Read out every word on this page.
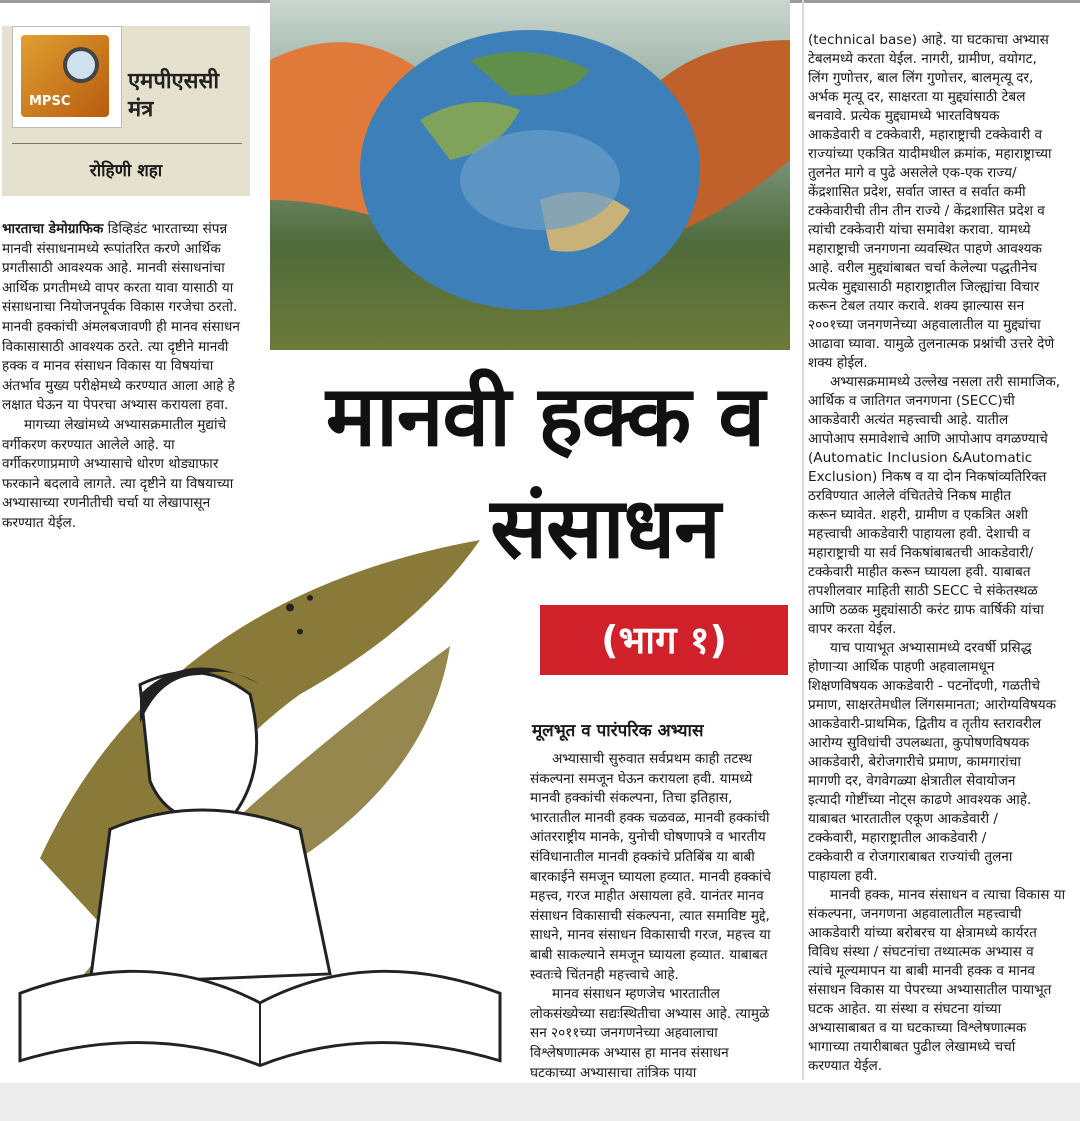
एमपीएससी मंत्र
रोहिणी शहा
MPSC
मानवी हक्क व
संसाधन
(भाग १)
भारताचा डेमोग्राफिक डिव्हिडंट भारताच्या संपन्न
मानवी संसाधनामध्ये रूपांतरित करणे आर्थिक
प्रगतीसाठी आवश्यक आहे. मानवी संसाधनांचा
आर्थिक प्रगतीमध्ये वापर करता यावा यासाठी या
संसाधनाचा नियोजनपूर्वक विकास गरजेचा ठरतो.
मानवी हक्कांची अंमलबजावणी ही मानव संसाधन
विकासासाठी आवश्यक ठरते. त्या दृष्टीने मानवी
हक्क व मानव संसाधन विकास या विषयांचा
अंतर्भाव मुख्य परीक्षेमध्ये करण्यात आला आहे हे
लक्षात घेऊन या पेपरचा अभ्यास करायला हवा.
मागच्या लेखांमध्ये अभ्यासक्रमातील मुद्यांचे
वर्गीकरण करण्यात आलेले आहे. या
वर्गीकरणाप्रमाणे अभ्यासाचे धोरण थोड्याफार
फरकाने बदलावे लागते. त्या दृष्टीने या विषयाच्या
अभ्यासाच्या रणनीतीची चर्चा या लेखापासून
करण्यात येईल.
मूलभूत व पारंपरिक अभ्यास
अभ्यासाची सुरुवात सर्वप्रथम काही तटस्थ
संकल्पना समजून घेऊन करायला हवी. यामध्ये
मानवी हक्कांची संकल्पना, तिचा इतिहास,
भारतातील मानवी हक्क चळवळ, मानवी हक्कांची
आंतरराष्ट्रीय मानके, युनोची घोषणापत्रे व भारतीय
संविधानातील मानवी हक्कांचे प्रतिबिंब या बाबी
बारकाईने समजून घ्यायला हव्यात. मानवी हक्कांचे
महत्त्व, गरज माहीत असायला हवे. यानंतर मानव
संसाधन विकासाची संकल्पना, त्यात समाविष्ट मुद्दे,
साधने, मानव संसाधन विकासाची गरज, महत्त्व या
बाबी साकल्याने समजून घ्यायला हव्यात. याबाबत
स्वतःचे चिंतनही महत्त्वाचे आहे.
मानव संसाधन म्हणजेच भारतातील
लोकसंख्येच्या सद्यःस्थितीचा अभ्यास आहे. त्यामुळे
सन २०११च्या जनगणनेच्या अहवालाचा
विश्लेषणात्मक अभ्यास हा मानव संसाधन
घटकाच्या अभ्यासाचा तांत्रिक पाया
(technical base) आहे. या घटकाचा अभ्यास
टेबलमध्ये करता येईल. नागरी, ग्रामीण, वयोगट,
लिंग गुणोत्तर, बाल लिंग गुणोत्तर, बालमृत्यू दर,
अर्भक मृत्यू दर, साक्षरता या मुद्द्यांसाठी टेबल
बनवावे. प्रत्येक मुद्द्यामध्ये भारतविषयक
आकडेवारी व टक्केवारी, महाराष्ट्राची टक्केवारी व
राज्यांच्या एकत्रित यादीमधील क्रमांक, महाराष्ट्राच्या
तुलनेत मागे व पुढे असलेले एक-एक राज्य/
केंद्रशासित प्रदेश, सर्वात जास्त व सर्वात कमी
टक्केवारीची तीन तीन राज्ये / केंद्रशासित प्रदेश व
त्यांची टक्केवारी यांचा समावेश करावा. यामध्ये
महाराष्ट्राची जनगणना व्यवस्थित पाहणे आवश्यक
आहे. वरील मुद्द्यांबाबत चर्चा केलेल्या पद्धतीनेच
प्रत्येक मुद्द्यासाठी महाराष्ट्रातील जिल्ह्यांचा विचार
करून टेबल तयार करावे. शक्य झाल्यास सन
२००१च्या जनगणनेच्या अहवालातील या मुद्द्यांचा
आढावा घ्यावा. यामुळे तुलनात्मक प्रश्नांची उत्तरे देणे
शक्य होईल.
अभ्यासक्रमामध्ये उल्लेख नसला तरी सामाजिक,
आर्थिक व जातिगत जनगणना (SECC)ची
आकडेवारी अत्यंत महत्त्वाची आहे. यातील
आपोआप समावेशाचे आणि आपोआप वगळण्याचे
(Automatic Inclusion &Automatic
Exclusion) निकष व या दोन निकषांव्यतिरिक्त
ठरविण्यात आलेले वंचिततेचे निकष माहीत
करून घ्यावेत. शहरी, ग्रामीण व एकत्रित अशी
महत्त्वाची आकडेवारी पाहायला हवी. देशाची व
महाराष्ट्राची या सर्व निकषांबाबतची आकडेवारी/
टक्केवारी माहीत करून घ्यायला हवी. याबाबत
तपशीलवार माहिती साठी SECC चे संकेतस्थळ
आणि ठळक मुद्द्यांसाठी करंट ग्राफ वार्षिकी यांचा
वापर करता येईल.
याच पायाभूत अभ्यासामध्ये दरवर्षी प्रसिद्ध
होणाऱ्या आर्थिक पाहणी अहवालामधून
शिक्षणविषयक आकडेवारी - पटनोंदणी, गळतीचे
प्रमाण, साक्षरतेमधील लिंगसमानता; आरोग्यविषयक
आकडेवारी-प्राथमिक, द्वितीय व तृतीय स्तरावरील
आरोग्य सुविधांची उपलब्धता, कुपोषणविषयक
आकडेवारी, बेरोजगारीचे प्रमाण, कामगारांचा
मागणी दर, वेगवेगळ्या क्षेत्रातील सेवायोजन
इत्यादी गोष्टींच्या नोट्स काढणे आवश्यक आहे.
याबाबत भारतातील एकूण आकडेवारी /
टक्केवारी, महाराष्ट्रातील आकडेवारी /
टक्केवारी व रोजगाराबाबत राज्यांची तुलना
पाहायला हवी.
मानवी हक्क, मानव संसाधन व त्याचा विकास या
संकल्पना, जनगणना अहवालातील महत्त्वाची
आकडेवारी यांच्या बरोबरच या क्षेत्रामध्ये कार्यरत
विविध संस्था / संघटनांचा तथ्यात्मक अभ्यास व
त्यांचे मूल्यमापन या बाबी मानवी हक्क व मानव
संसाधन विकास या पेपरच्या अभ्यासातील पायाभूत
घटक आहेत. या संस्था व संघटना यांच्या
अभ्यासाबाबत व या घटकाच्या विश्लेषणात्मक
भागाच्या तयारीबाबत पुढील लेखामध्ये चर्चा
करण्यात येईल.
